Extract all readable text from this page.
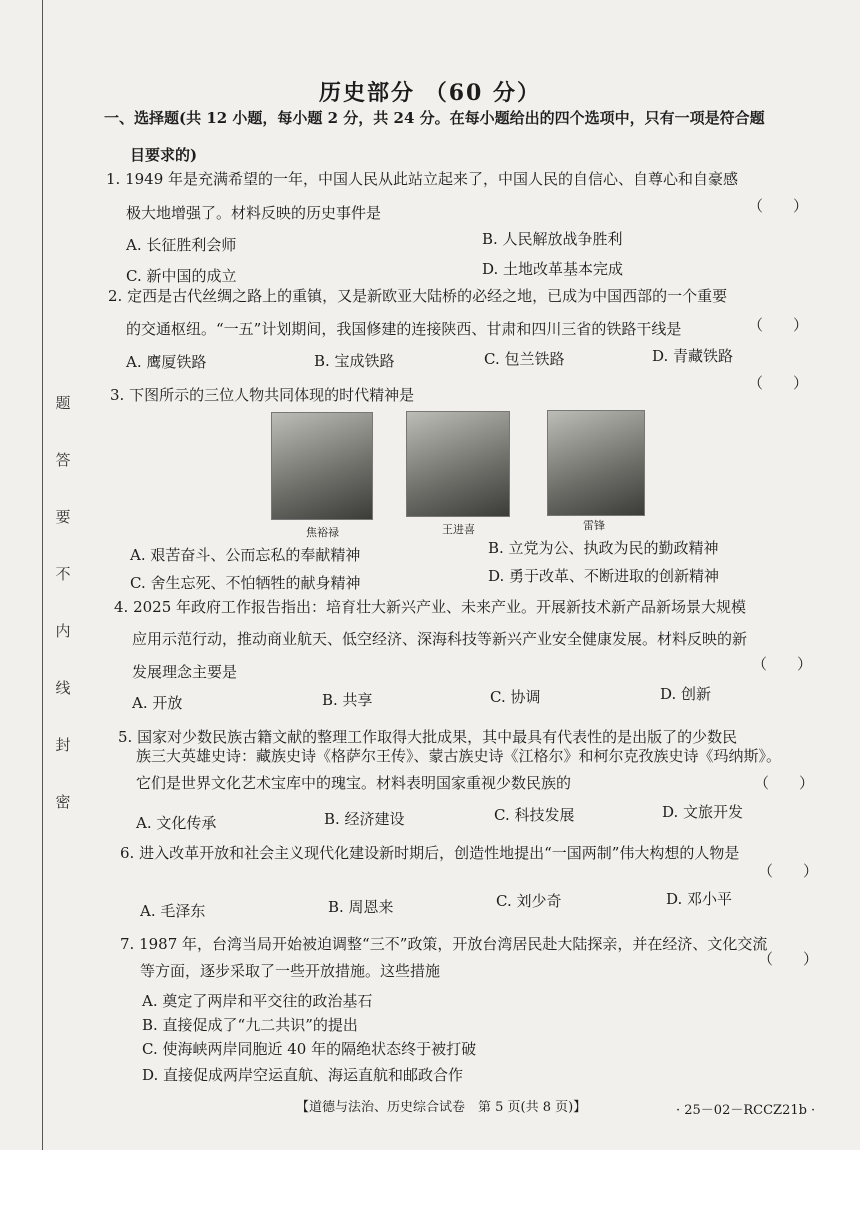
题
答
要
不
内
线
封
密
历史部分 （60 分）
一、选择题(共 12 小题，每小题 2 分，共 24 分。在每小题给出的四个选项中，只有一项是符合题
目要求的)
1. 1949 年是充满希望的一年，中国人民从此站立起来了，中国人民的自信心、自尊心和自豪感
极大地增强了。材料反映的历史事件是	（　　）
A. 长征胜利会师	B. 人民解放战争胜利
C. 新中国的成立	D. 土地改革基本完成
2. 定西是古代丝绸之路上的重镇，又是新欧亚大陆桥的必经之地，已成为中国西部的一个重要
的交通枢纽。“一五”计划期间，我国修建的连接陕西、甘肃和四川三省的铁路干线是	（　　）
A. 鹰厦铁路	B. 宝成铁路	C. 包兰铁路	D. 青藏铁路
3. 下图所示的三位人物共同体现的时代精神是
（　　）
焦裕禄	王进喜	雷锋
A. 艰苦奋斗、公而忘私的奉献精神	B. 立党为公、执政为民的勤政精神
C. 舍生忘死、不怕牺牲的献身精神	D. 勇于改革、不断进取的创新精神
4. 2025 年政府工作报告指出：培育壮大新兴产业、未来产业。开展新技术新产品新场景大规模
应用示范行动，推动商业航天、低空经济、深海科技等新兴产业安全健康发展。材料反映的新
发展理念主要是	（　　）
A. 开放	B. 共享	C. 协调	D. 创新
5. 国家对少数民族古籍文献的整理工作取得大批成果，其中最具有代表性的是出版了的少数民
族三大英雄史诗：藏族史诗《格萨尔王传》、蒙古族史诗《江格尔》和柯尔克孜族史诗《玛纳斯》。
它们是世界文化艺术宝库中的瑰宝。材料表明国家重视少数民族的	（　　）
A. 文化传承	B. 经济建设	C. 科技发展	D. 文旅开发
6. 进入改革开放和社会主义现代化建设新时期后，创造性地提出“一国两制”伟大构想的人物是
（　　）
A. 毛泽东	B. 周恩来	C. 刘少奇	D. 邓小平
7. 1987 年，台湾当局开始被迫调整“三不”政策，开放台湾居民赴大陆探亲，并在经济、文化交流
等方面，逐步采取了一些开放措施。这些措施
（　　）
A. 奠定了两岸和平交往的政治基石
B. 直接促成了“九二共识”的提出
C. 使海峡两岸同胞近 40 年的隔绝状态终于被打破
D. 直接促成两岸空运直航、海运直航和邮政合作
【道德与法治、历史综合试卷　第 5 页(共 8 页)】	· 25－02－RCCZ21b ·
